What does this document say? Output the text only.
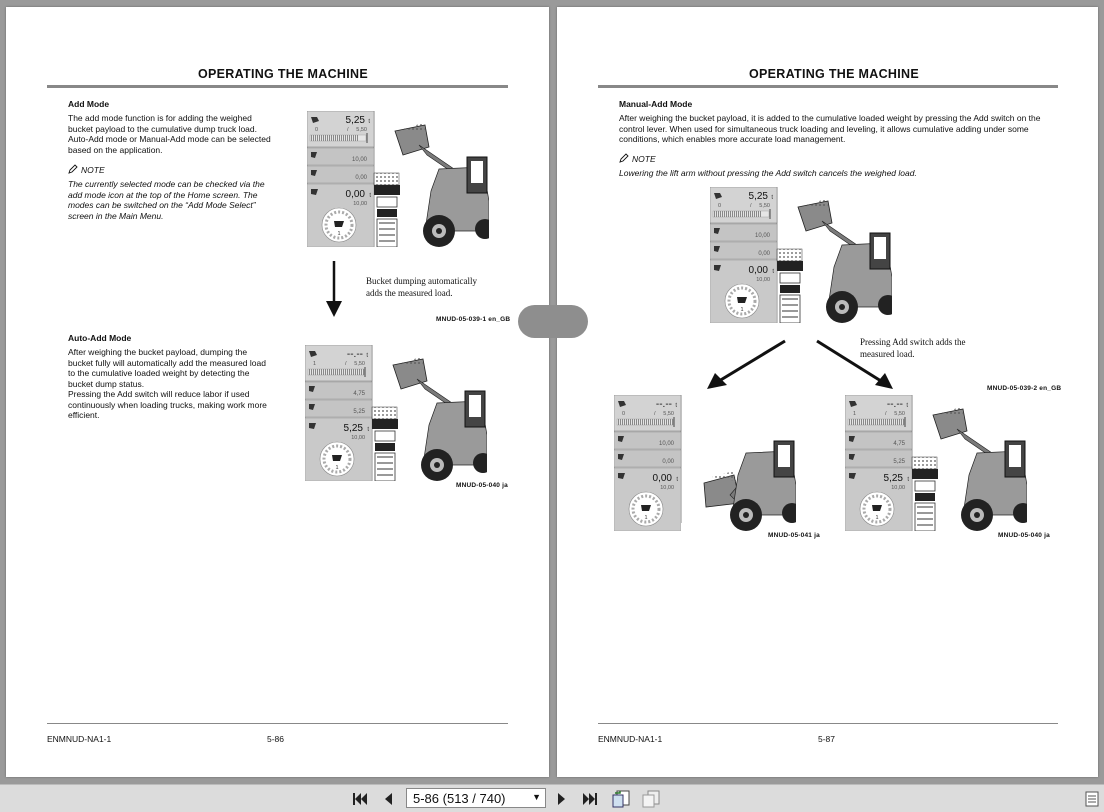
OPERATING THE MACHINE
Add Mode
The add mode function is for adding the weighed
bucket payload to the cumulative dump truck load.
Auto-Add mode or Manual-Add mode can be selected
based on the application.
NOTE
The currently selected mode can be checked via the
add mode icon at the top of the Home screen. The
modes can be switched on the “Add Mode Select”
screen in the Main Menu.
5,25 t
0	/ 5,50
10,00
0,00
0,00 t
10,00
1
Bucket dumping automatically
adds the measured load.
MNUD-05-039-1 en_GB
Auto-Add Mode
After weighing the bucket payload, dumping the
bucket fully will automatically add the measured load
to the cumulative loaded weight by detecting the
bucket dump status.
Pressing the Add switch will reduce labor if used
continuously when loading trucks, making work more
efficient.
--.-- t
1	/ 5,50
4,75
5,25
5,25 t
10,00
1
MNUD-05-040 ja
ENMNUD-NA1-1	5-86
OPERATING THE MACHINE
Manual-Add Mode
After weighing the bucket payload, it is added to the cumulative loaded weight by pressing the Add switch on the
control lever. When used for simultaneous truck loading and leveling, it allows cumulative adding under some
conditions, which enables more accurate load management.
NOTE
Lowering the lift arm without pressing the Add switch cancels the weighed load.
5,25 t
0	/ 5,50
10,00
0,00
0,00 t
10,00
1
Pressing Add switch adds the
measured load.
MNUD-05-039-2 en_GB
--.-- t
0	/ 5,50
10,00
0,00
0,00 t
10,00
1
MNUD-05-041 ja
--.-- t
1	/ 5,50
4,75
5,25
5,25 t
10,00
1
MNUD-05-040 ja
ENMNUD-NA1-1	5-87
5-86 (513 / 740)	▼
